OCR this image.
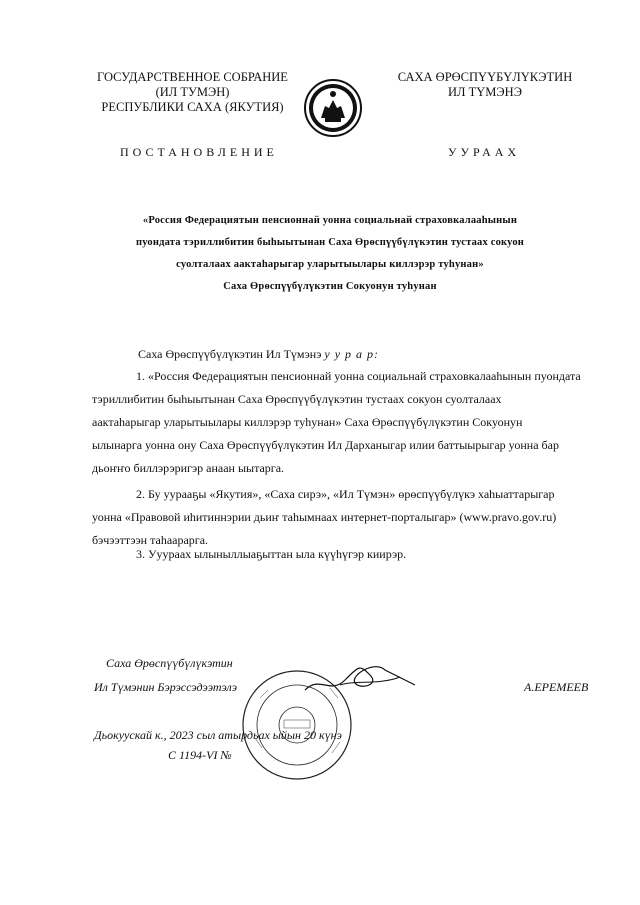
ГОСУДАРСТВЕННОЕ СОБРАНИЕ
(ИЛ ТУМЭН)
РЕСПУБЛИКИ САХА (ЯКУТИЯ)
САХА ӨРӨСПҮҮБҮЛҮКЭТИН
ИЛ ТҮМЭНЭ
ПОСТАНОВЛЕНИЕ	УУРААХ
«Россия Федерациятын пенсионнай уонна социальнай страховкалааһынын
пуондата тэриллибитин быһыытынан Саха Өрөспүүбүлүкэтин тустаах сокуон
суолталаах аактаһарыгар уларытыылары киллэрэр туһунан»
Саха Өрөспүүбүлүкэтин Сокуонун туһунан
Саха Өрөспүүбүлүкэтин Ил Түмэнэ у у р а р:
1. «Россия Федерациятын пенсионнай уонна социальнай страховкалааһынын пуондата
тэриллибитин быһыытынан Саха Өрөспүүбүлүкэтин тустаах сокуон суолталаах
аактаһарыгар уларытыылары киллэрэр туһунан» Саха Өрөспүүбүлүкэтин Сокуонун
ылынарга уонна ону Саха Өрөспүүбүлүкэтин Ил Дарханыгар илии баттыырыгар уонна бар
дьоҥҥо биллэрэригэр анаан ыытарга.
2. Бу уурааҕы «Якутия», «Саха сирэ», «Ил Түмэн» өрөспүүбүлүкэ хаһыаттарыгар
уонна «Правовой иһитиннэрии дьиҥ таһымнаах интернет-порталыгар» (www.pravo.gov.ru)
бэчээттээн таһаарарга.
3. Ууураах ылыныллыаҕыттан ыла күүһүгэр киирэр.
Саха Өрөспүүбүлүкэтин
Ил Түмэнин Бэрэссэдээтэлэ	А.ЕРЕМЕЕВ
Дьокуускай к., 2023 сыл атырдьах ыйын 20 күнэ
С 1194-VI №
